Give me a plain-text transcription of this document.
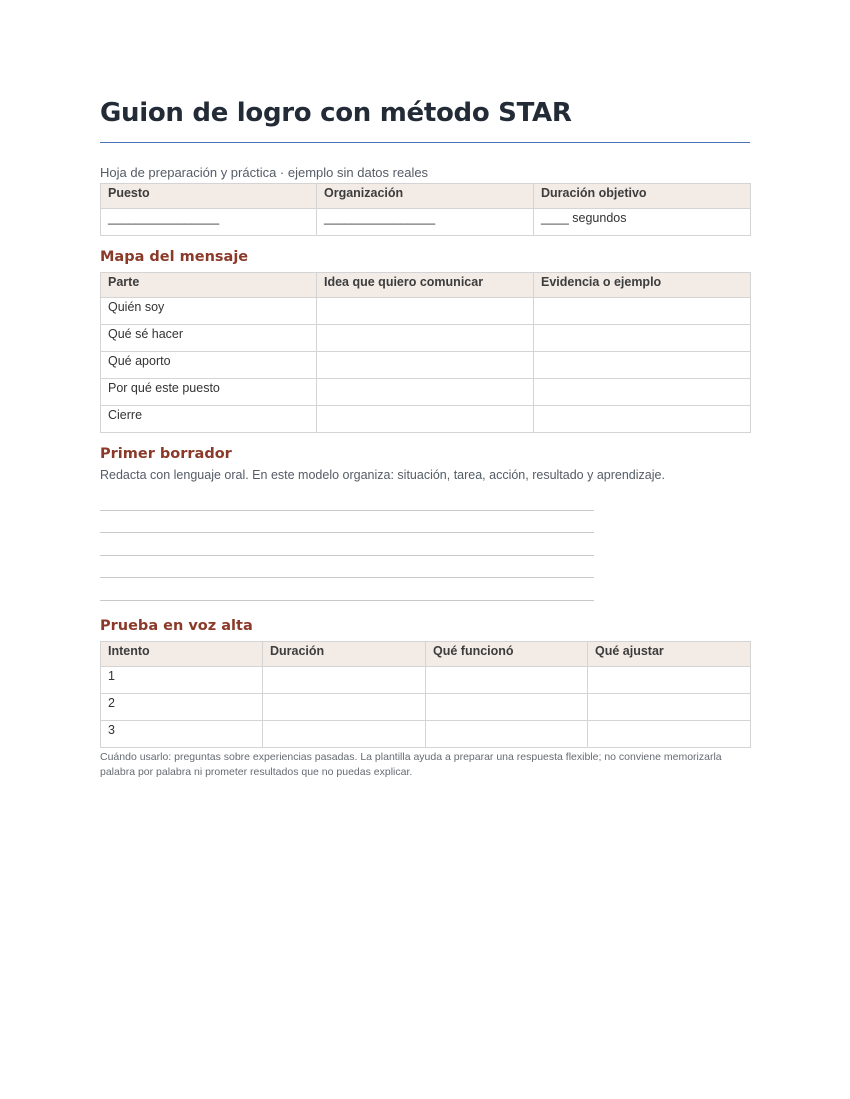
Guion de logro con método STAR
Hoja de preparación y práctica · ejemplo sin datos reales
Puesto	Organización	Duración objetivo
________________	________________	____ segundos
Mapa del mensaje
Parte	Idea que quiero comunicar	Evidencia o ejemplo
Quién soy		
Qué sé hacer		
Qué aporto		
Por qué este puesto		
Cierre		
Primer borrador
Redacta con lenguaje oral. En este modelo organiza: situación, tarea, acción, resultado y aprendizaje.
Prueba en voz alta
Intento	Duración	Qué funcionó	Qué ajustar
1			
2			
3			
Cuándo usarlo: preguntas sobre experiencias pasadas. La plantilla ayuda a preparar una respuesta flexible; no conviene memorizarla palabra por palabra ni prometer resultados que no puedas explicar.
